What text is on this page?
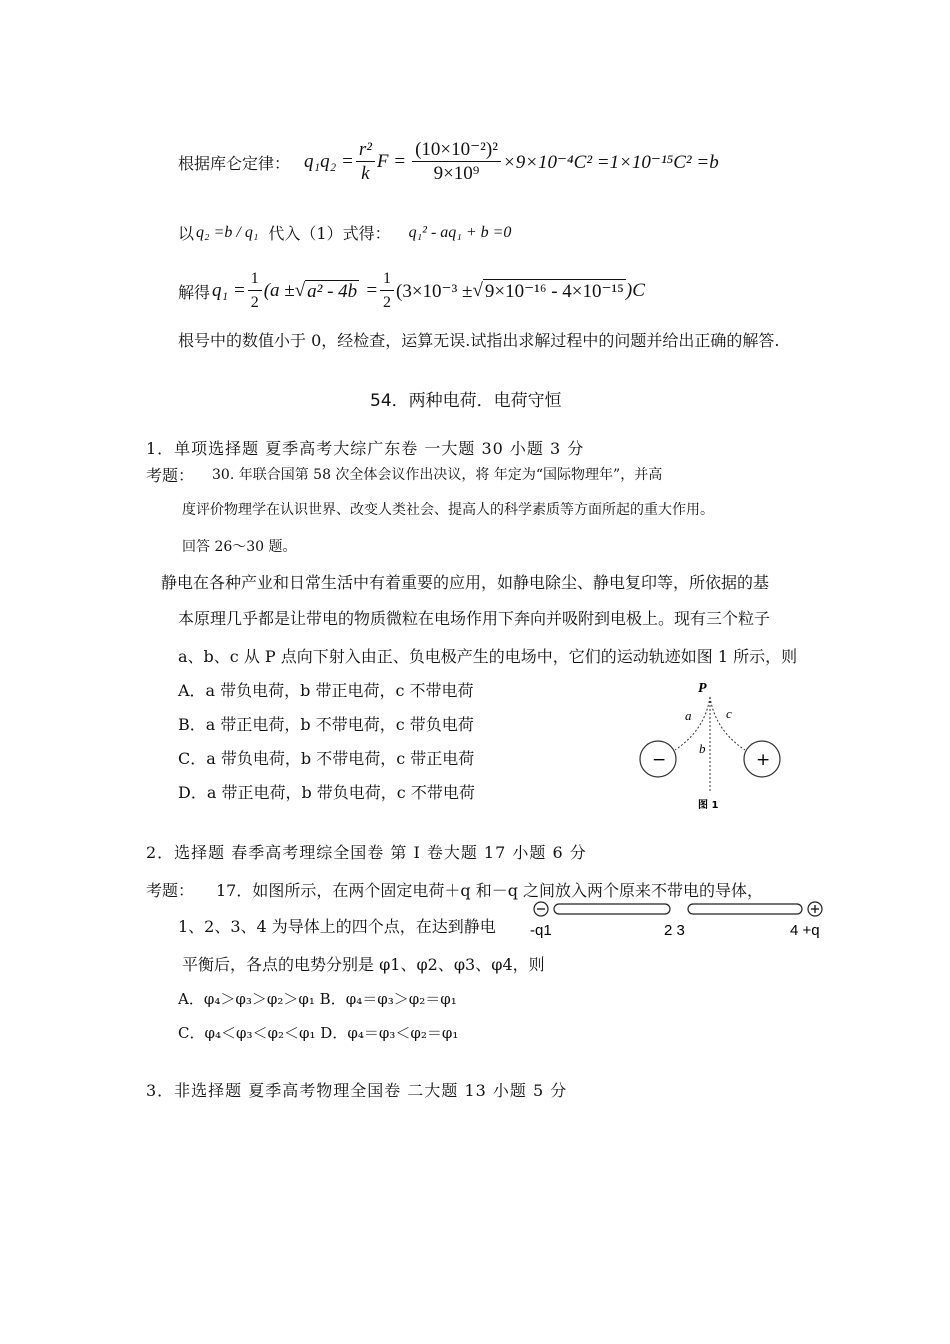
根据库仑定律： $q_1q_2 = \frac{\text{r²}}{k}$ $F = \frac{\text{(10×10⁻²)²}}{\text{9×10⁹}} \times 9\times 10^{-4}C^2 =1\times 10^{-15}C^2 =b$
以 q₂ =b / q₁ 代入（1）式得： q₁² - aq₁ + b =0
解得 $q_1 = \frac{1}{2} (a$ ± √ $a^2 - 4b = \frac{1}{2} (3\times 10^{-3}$ ± √ 9×10⁻¹⁶ - 4×10⁻¹⁵ )C
根号中的数值小于 0，经检查，运算无误.试指出求解过程中的问题并给出正确的解答.
54．两种电荷．电荷守恒
1．单项选择题 夏季高考大综广东卷 一大题 30 小题 3 分
考题： 30. 年联合国第 58 次全体会议作出决议，将 年定为“国际物理年”，并高
度评价物理学在认识世界、改变人类社会、提高人的科学素质等方面所起的重大作用。
回答 26～30 题。
静电在各种产业和日常生活中有着重要的应用，如静电除尘、静电复印等，所依据的基
本原理几乎都是让带电的物质微粒在电场作用下奔向并吸附到电极上。现有三个粒子
a、b、c 从 P 点向下射入由正、负电极产生的电场中，它们的运动轨迹如图 1 所示，则
A．a 带负电荷，b 带正电荷，c 不带电荷
B．a 带正电荷，b 不带电荷，c 带负电荷
C．a 带负电荷，b 不带电荷，c 带正电荷
D．a 带正电荷，b 带负电荷，c 不带电荷
P
a	c
b
−	+
图 1
2．选择题 春季高考理综全国卷 第 I 卷大题 17 小题 6 分
考题： 17．如图所示，在两个固定电荷＋q 和－q 之间放入两个原来不带电的导体，
1、2、3、4 为导体上的四个点，在达到静电
平衡后，各点的电势分别是 φ1、φ2、φ3、φ4，则
A．φ₄＞φ₃＞φ₂＞φ₁ B．φ₄＝φ₃＞φ₂＝φ₁
C．φ₄＜φ₃＜φ₂＜φ₁ D．φ₄＝φ₃＜φ₂＝φ₁
-q1	2 3	4 +q
3．非选择题 夏季高考物理全国卷 二大题 13 小题 5 分
